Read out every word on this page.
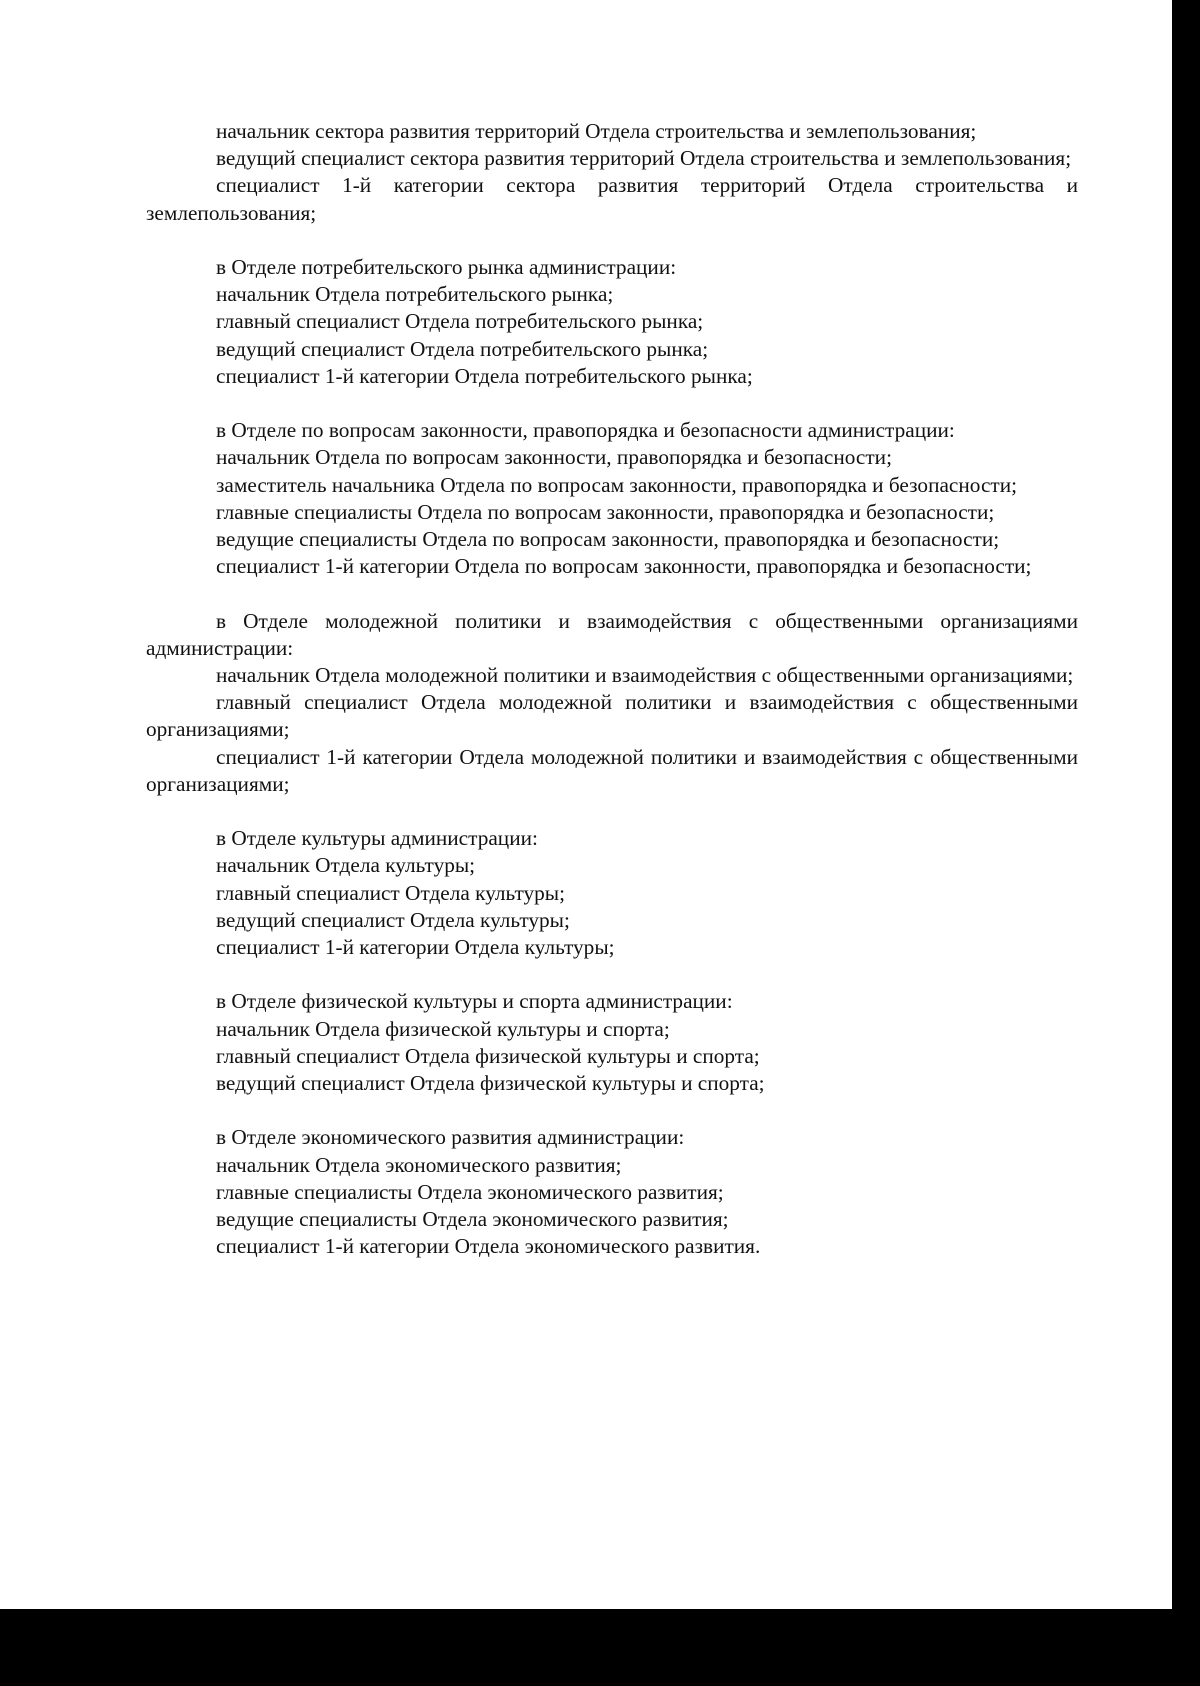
начальник сектора развития территорий Отдела строительства и землепользования;

ведущий специалист сектора развития территорий Отдела строительства и землепользования;

специалист 1-й категории сектора развития территорий Отдела строительства и землепользования;

в Отделе потребительского рынка администрации:

начальник Отдела потребительского рынка;

главный специалист Отдела потребительского рынка;

ведущий специалист Отдела потребительского рынка;

специалист 1-й категории Отдела потребительского рынка;

в Отделе по вопросам законности, правопорядка и безопасности администрации:

начальник Отдела по вопросам законности, правопорядка и безопасности;

заместитель начальника Отдела по вопросам законности, правопорядка и безопасности;

главные специалисты Отдела по вопросам законности, правопорядка и безопасности;

ведущие специалисты Отдела по вопросам законности, правопорядка и безопасности;

специалист 1-й категории Отдела по вопросам законности, правопорядка и безопасности;

в Отделе молодежной политики и взаимодействия с общественными организациями администрации:

начальник Отдела молодежной политики и взаимодействия с общественными организациями;

главный специалист Отдела молодежной политики и взаимодействия с общественными организациями;

специалист 1-й категории Отдела молодежной политики и взаимодействия с общественными организациями;

в Отделе культуры администрации:

начальник Отдела культуры;

главный специалист Отдела культуры;

ведущий специалист Отдела культуры;

специалист 1-й категории Отдела культуры;

в Отделе физической культуры и спорта администрации:

начальник Отдела физической культуры и спорта;

главный специалист Отдела физической культуры и спорта;

ведущий специалист Отдела физической культуры и спорта;

в Отделе экономического развития администрации:

начальник Отдела экономического развития;

главные специалисты Отдела экономического развития;

ведущие специалисты Отдела экономического развития;

специалист 1-й категории Отдела экономического развития.
